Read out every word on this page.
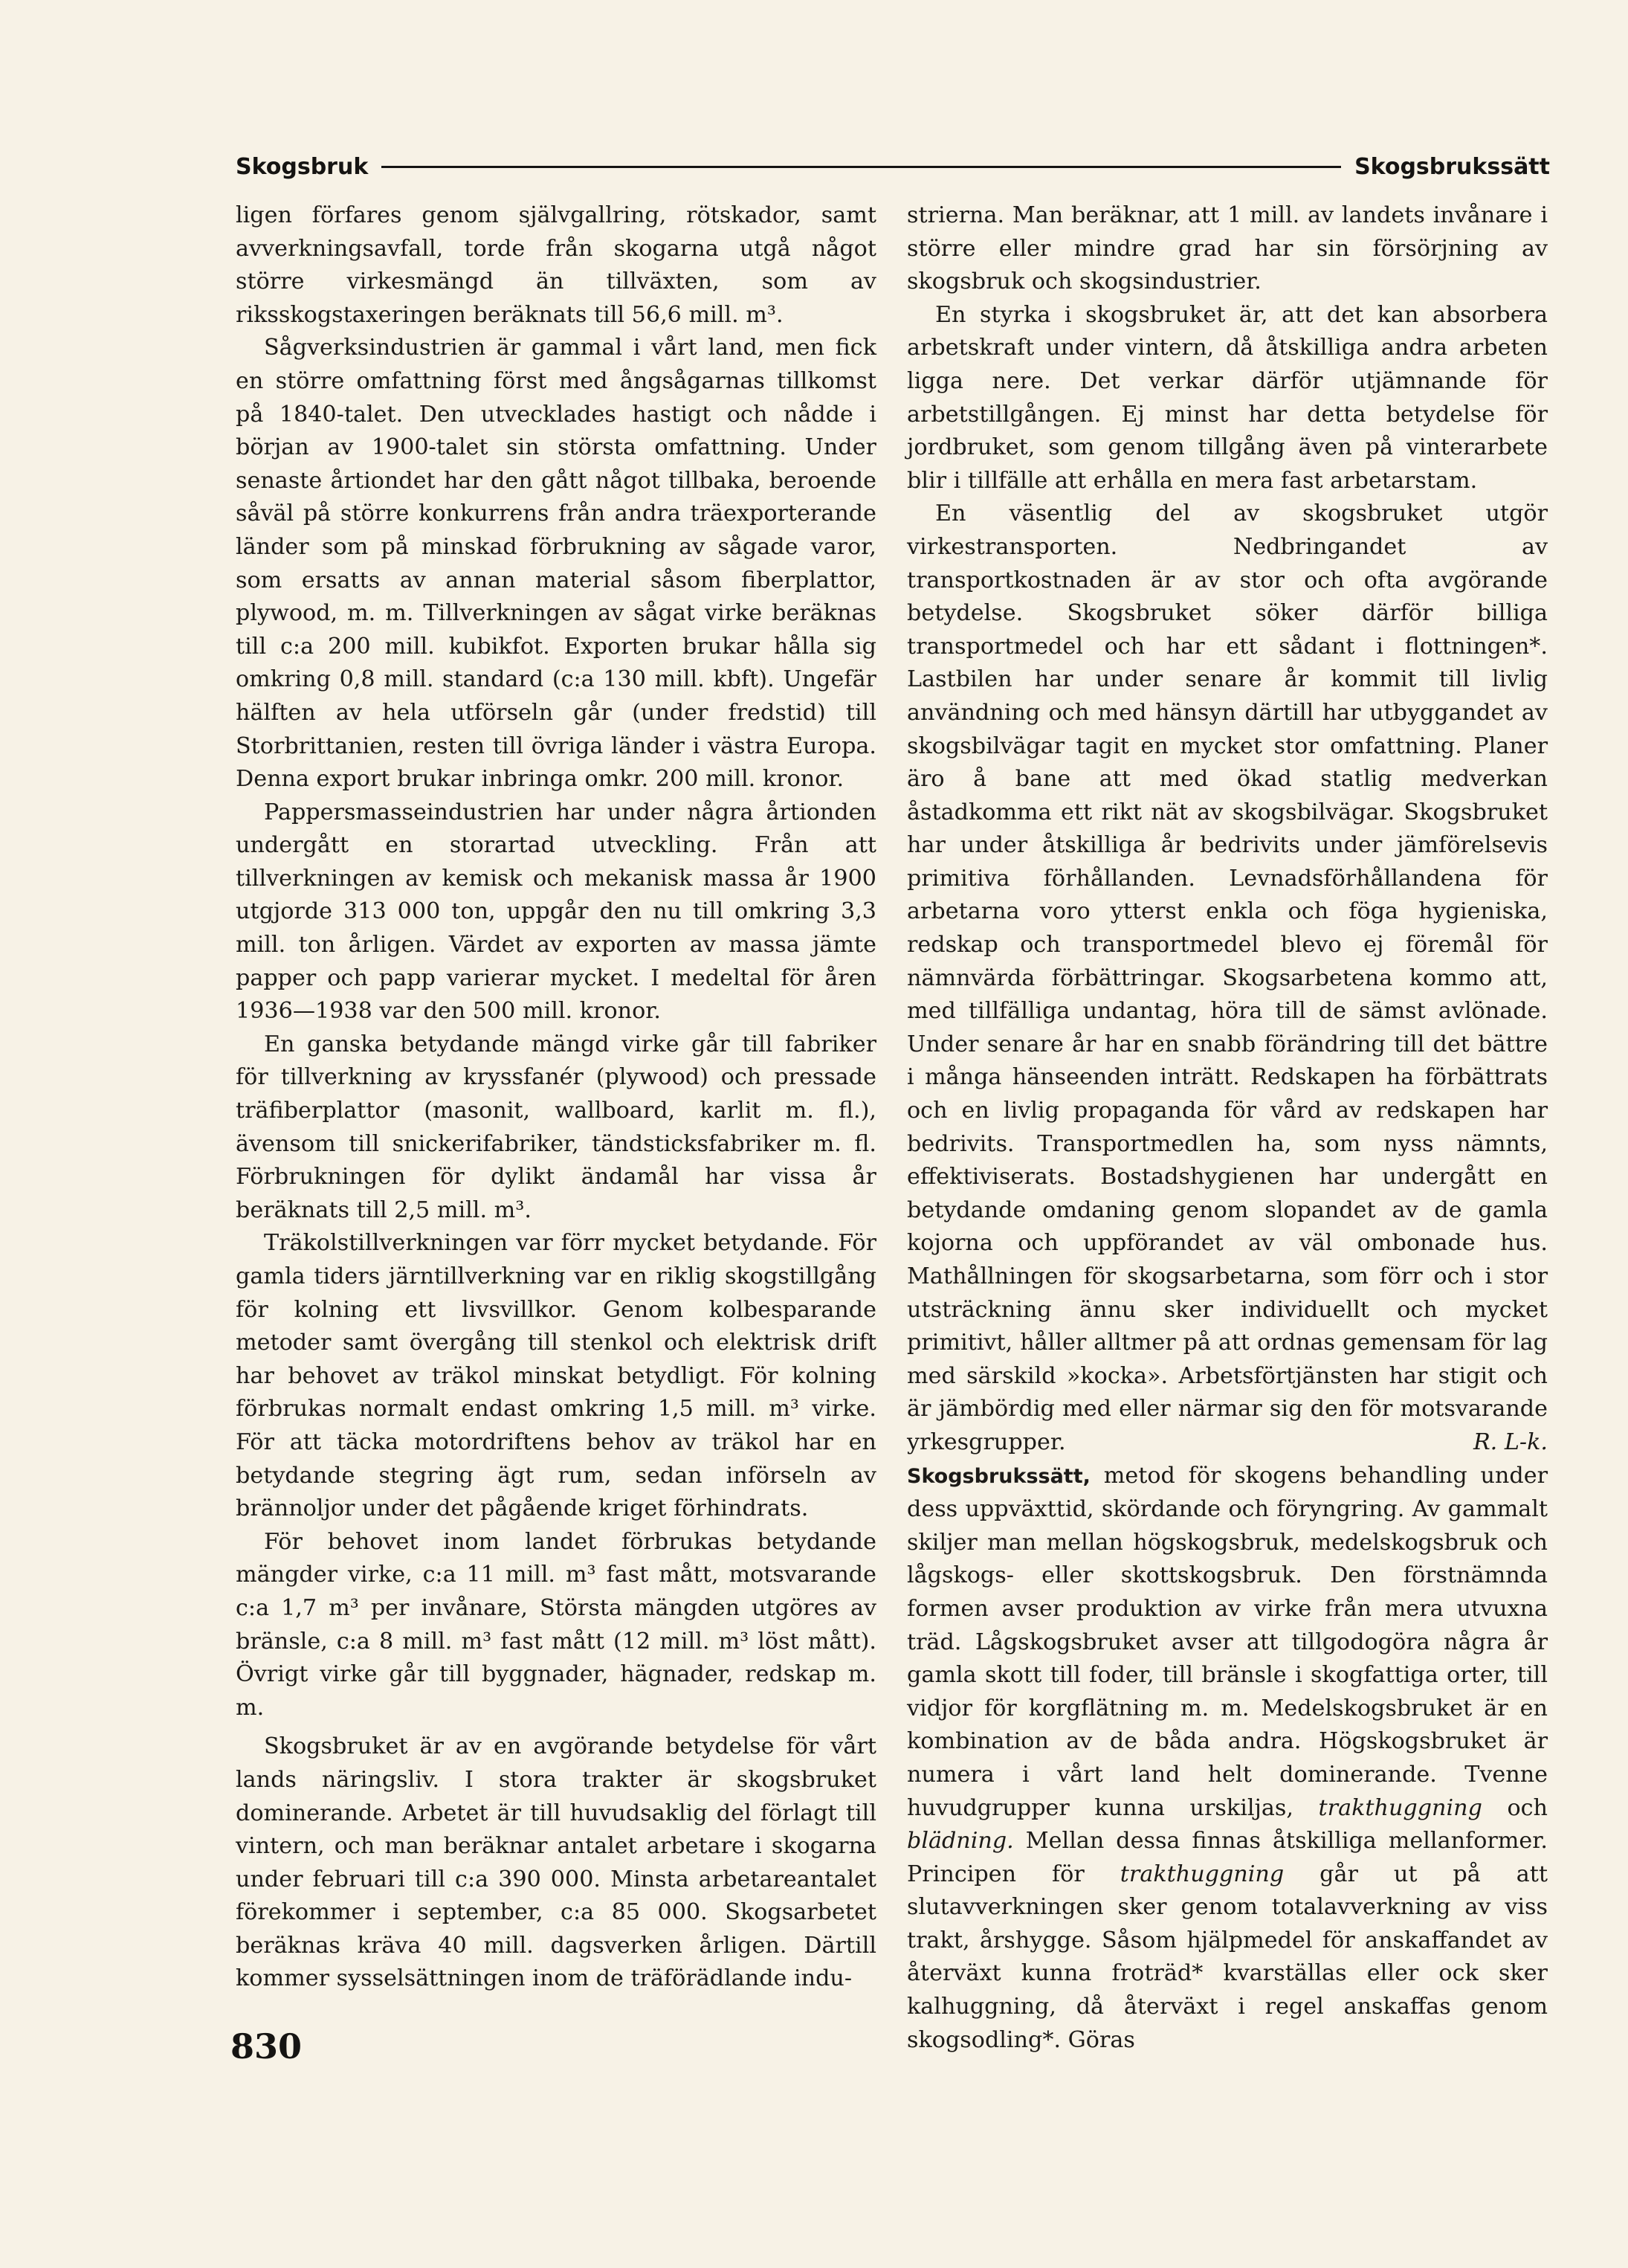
Skogsbruk	Skogsbrukssätt

ligen förfares genom självgallring, rötskador, samt avverkningsavfall, torde från skogarna utgå något större virkesmängd än tillväxten, som av riksskogstaxeringen beräknats till 56,6 mill. m³.

Sågverksindustrien är gammal i vårt land, men fick en större omfattning först med ångsågarnas tillkomst på 1840-talet. Den utvecklades hastigt och nådde i början av 1900-talet sin största omfattning. Under senaste årtiondet har den gått något tillbaka, beroende såväl på större konkurrens från andra träexporterande länder som på minskad förbrukning av sågade varor, som ersatts av annan material såsom fiberplattor, plywood, m. m. Tillverkningen av sågat virke beräknas till c:a 200 mill. kubikfot. Exporten brukar hålla sig omkring 0,8 mill. standard (c:a 130 mill. kbft). Ungefär hälften av hela utförseln går (under fredstid) till Storbrittanien, resten till övriga länder i västra Europa. Denna export brukar inbringa omkr. 200 mill. kronor.

Pappersmasseindustrien har under några årtionden undergått en storartad utveckling. Från att tillverkningen av kemisk och mekanisk massa år 1900 utgjorde 313 000 ton, uppgår den nu till omkring 3,3 mill. ton årligen. Värdet av exporten av massa jämte papper och papp varierar mycket. I medeltal för åren 1936—1938 var den 500 mill. kronor.

En ganska betydande mängd virke går till fabriker för tillverkning av kryssfanér (plywood) och pressade träfiberplattor (masonit, wallboard, karlit m. fl.), ävensom till snickerifabriker, tändsticksfabriker m. fl. Förbrukningen för dylikt ändamål har vissa år beräknats till 2,5 mill. m³.

Träkolstillverkningen var förr mycket betydande. För gamla tiders järntillverkning var en riklig skogstillgång för kolning ett livsvillkor. Genom kolbesparande metoder samt övergång till stenkol och elektrisk drift har behovet av träkol minskat betydligt. För kolning förbrukas normalt endast omkring 1,5 mill. m³ virke. För att täcka motordriftens behov av träkol har en betydande stegring ägt rum, sedan införseln av brännoljor under det pågående kriget förhindrats.

För behovet inom landet förbrukas betydande mängder virke, c:a 11 mill. m³ fast mått, motsvarande c:a 1,7 m³ per invånare, Största mängden utgöres av bränsle, c:a 8 mill. m³ fast mått (12 mill. m³ löst mått). Övrigt virke går till byggnader, hägnader, redskap m. m.

Skogsbruket är av en avgörande betydelse för vårt lands näringsliv. I stora trakter är skogsbruket dominerande. Arbetet är till huvudsaklig del förlagt till vintern, och man beräknar antalet arbetare i skogarna under februari till c:a 390 000. Minsta arbetareantalet förekommer i september, c:a 85 000. Skogsarbetet beräknas kräva 40 mill. dagsverken årligen. Därtill kommer sysselsättningen inom de träförädlande indu-

strierna. Man beräknar, att 1 mill. av landets invånare i större eller mindre grad har sin försörjning av skogsbruk och skogsindustrier.

En styrka i skogsbruket är, att det kan absorbera arbetskraft under vintern, då åtskilliga andra arbeten ligga nere. Det verkar därför utjämnande för arbetstillgången. Ej minst har detta betydelse för jordbruket, som genom tillgång även på vinterarbete blir i tillfälle att erhålla en mera fast arbetarstam.

En väsentlig del av skogsbruket utgör virkestransporten. Nedbringandet av transportkostnaden är av stor och ofta avgörande betydelse. Skogsbruket söker därför billiga transportmedel och har ett sådant i flottningen*. Lastbilen har under senare år kommit till livlig användning och med hänsyn därtill har utbyggandet av skogsbilvägar tagit en mycket stor omfattning. Planer äro å bane att med ökad statlig medverkan åstadkomma ett rikt nät av skogsbilvägar. Skogsbruket har under åtskilliga år bedrivits under jämförelsevis primitiva förhållanden. Levnadsförhållandena för arbetarna voro ytterst enkla och föga hygieniska, redskap och transportmedel blevo ej föremål för nämnvärda förbättringar. Skogsarbetena kommo att, med tillfälliga undantag, höra till de sämst avlönade. Under senare år har en snabb förändring till det bättre i många hänseenden inträtt. Redskapen ha förbättrats och en livlig propaganda för vård av redskapen har bedrivits. Transportmedlen ha, som nyss nämnts, effektiviserats. Bostadshygienen har undergått en betydande omdaning genom slopandet av de gamla kojorna och uppförandet av väl ombonade hus. Mathållningen för skogsarbetarna, som förr och i stor utsträckning ännu sker individuellt och mycket primitivt, håller alltmer på att ordnas gemensam för lag med särskild »kocka». Arbetsförtjänsten har stigit och är jämbördig med eller närmar sig den för motsvarande yrkesgrupper.	R. L-k.

Skogsbrukssätt, metod för skogens behandling under dess uppväxttid, skördande och föryngring. Av gammalt skiljer man mellan högskogsbruk, medelskogsbruk och lågskogs- eller skottskogsbruk. Den förstnämnda formen avser produktion av virke från mera utvuxna träd. Lågskogsbruket avser att tillgodogöra några år gamla skott till foder, till bränsle i skogfattiga orter, till vidjor för korgflätning m. m. Medelskogsbruket är en kombination av de båda andra. Högskogsbruket är numera i vårt land helt dominerande. Tvenne huvudgrupper kunna urskiljas, trakthuggning och blädning. Mellan dessa finnas åtskilliga mellanformer. Principen för trakthuggning går ut på att slutavverkningen sker genom totalavverkning av viss trakt, årshygge. Såsom hjälpmedel för anskaffandet av återväxt kunna froträd* kvarställas eller ock sker kalhuggning, då återväxt i regel anskaffas genom skogsodling*. Göras

830
